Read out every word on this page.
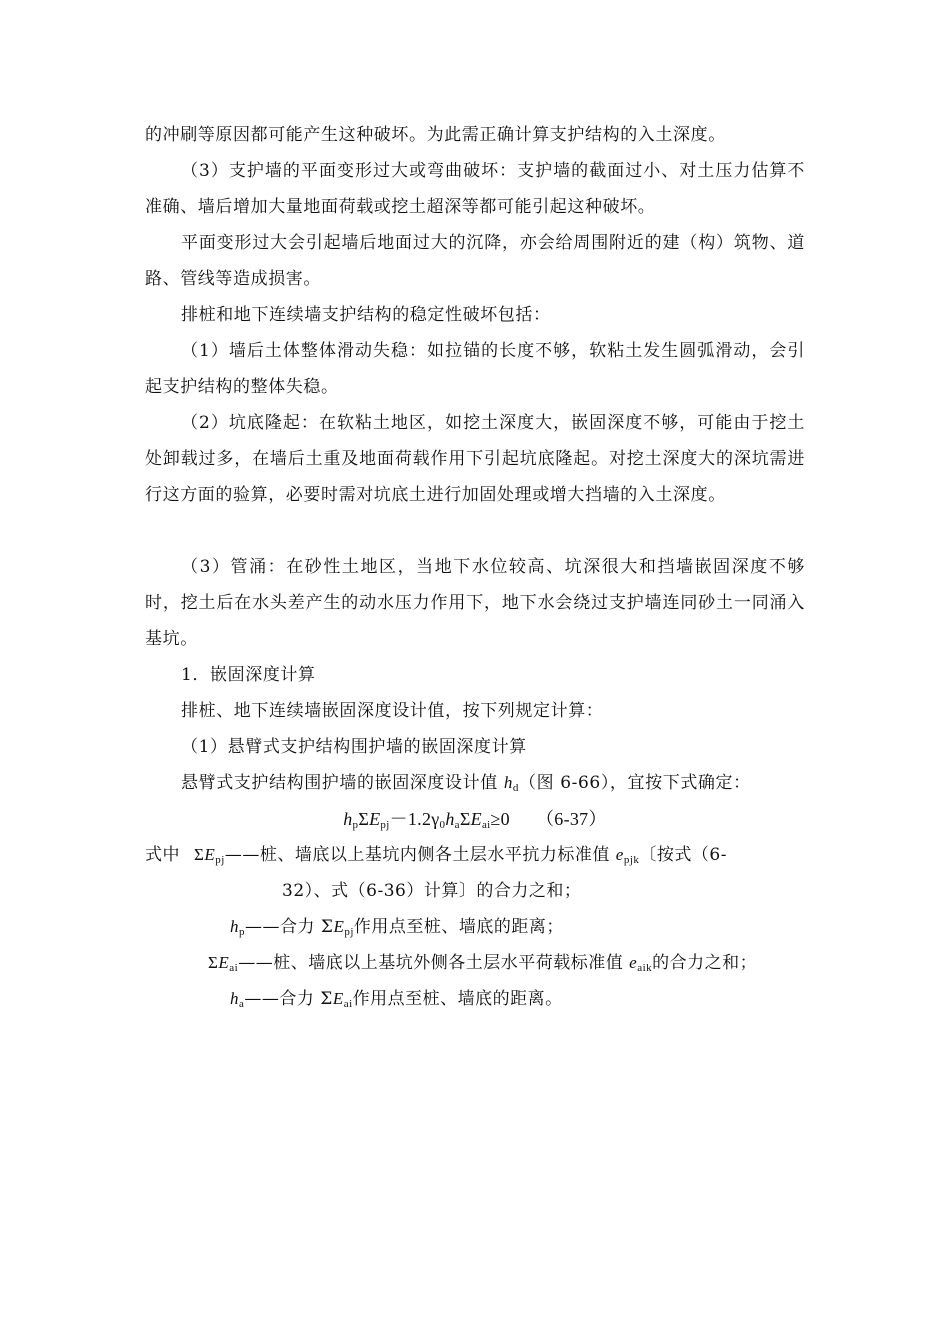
的冲刷等原因都可能产生这种破坏。为此需正确计算支护结构的入土深度。

（3）支护墙的平面变形过大或弯曲破坏：支护墙的截面过小、对土压力估算不准确、墙后增加大量地面荷载或挖土超深等都可能引起这种破坏。

平面变形过大会引起墙后地面过大的沉降，亦会给周围附近的建（构）筑物、道路、管线等造成损害。

排桩和地下连续墙支护结构的稳定性破坏包括：

（1）墙后土体整体滑动失稳：如拉锚的长度不够，软粘土发生圆弧滑动，会引起支护结构的整体失稳。

（2）坑底隆起：在软粘土地区，如挖土深度大，嵌固深度不够，可能由于挖土处卸载过多，在墙后土重及地面荷载作用下引起坑底隆起。对挖土深度大的深坑需进行这方面的验算，必要时需对坑底土进行加固处理或增大挡墙的入土深度。

（3）管涌：在砂性土地区，当地下水位较高、坑深很大和挡墙嵌固深度不够时，挖土后在水头差产生的动水压力作用下，地下水会绕过支护墙连同砂土一同涌入基坑。

1．嵌固深度计算

排桩、地下连续墙嵌固深度设计值，按下列规定计算：

（1）悬臂式支护结构围护墙的嵌固深度计算

悬臂式支护结构围护墙的嵌固深度设计值 $h_d$（图 6-66），宜按下式确定：

$h_p\Sigma E_{pj}-1.2\gamma_0h_a\Sigma E_{ai}\ge 0$ （6-37）
式中 $\Sigma E_{pj}——$桩、墙底以上基坑内侧各土层水平抗力标准值 $e_{pjk}$〔按式（6-
32）、式（6-36）计算〕的合力之和；
$h_p——$合力 $\Sigma E_{pj}$作用点至桩、墙底的距离；
$\Sigma E_{ai}——$桩、墙底以上基坑外侧各土层水平荷载标准值 $e_{aik}$的合力之和；
$h_a——$合力 $\Sigma E_{ai}$作用点至桩、墙底的距离。
